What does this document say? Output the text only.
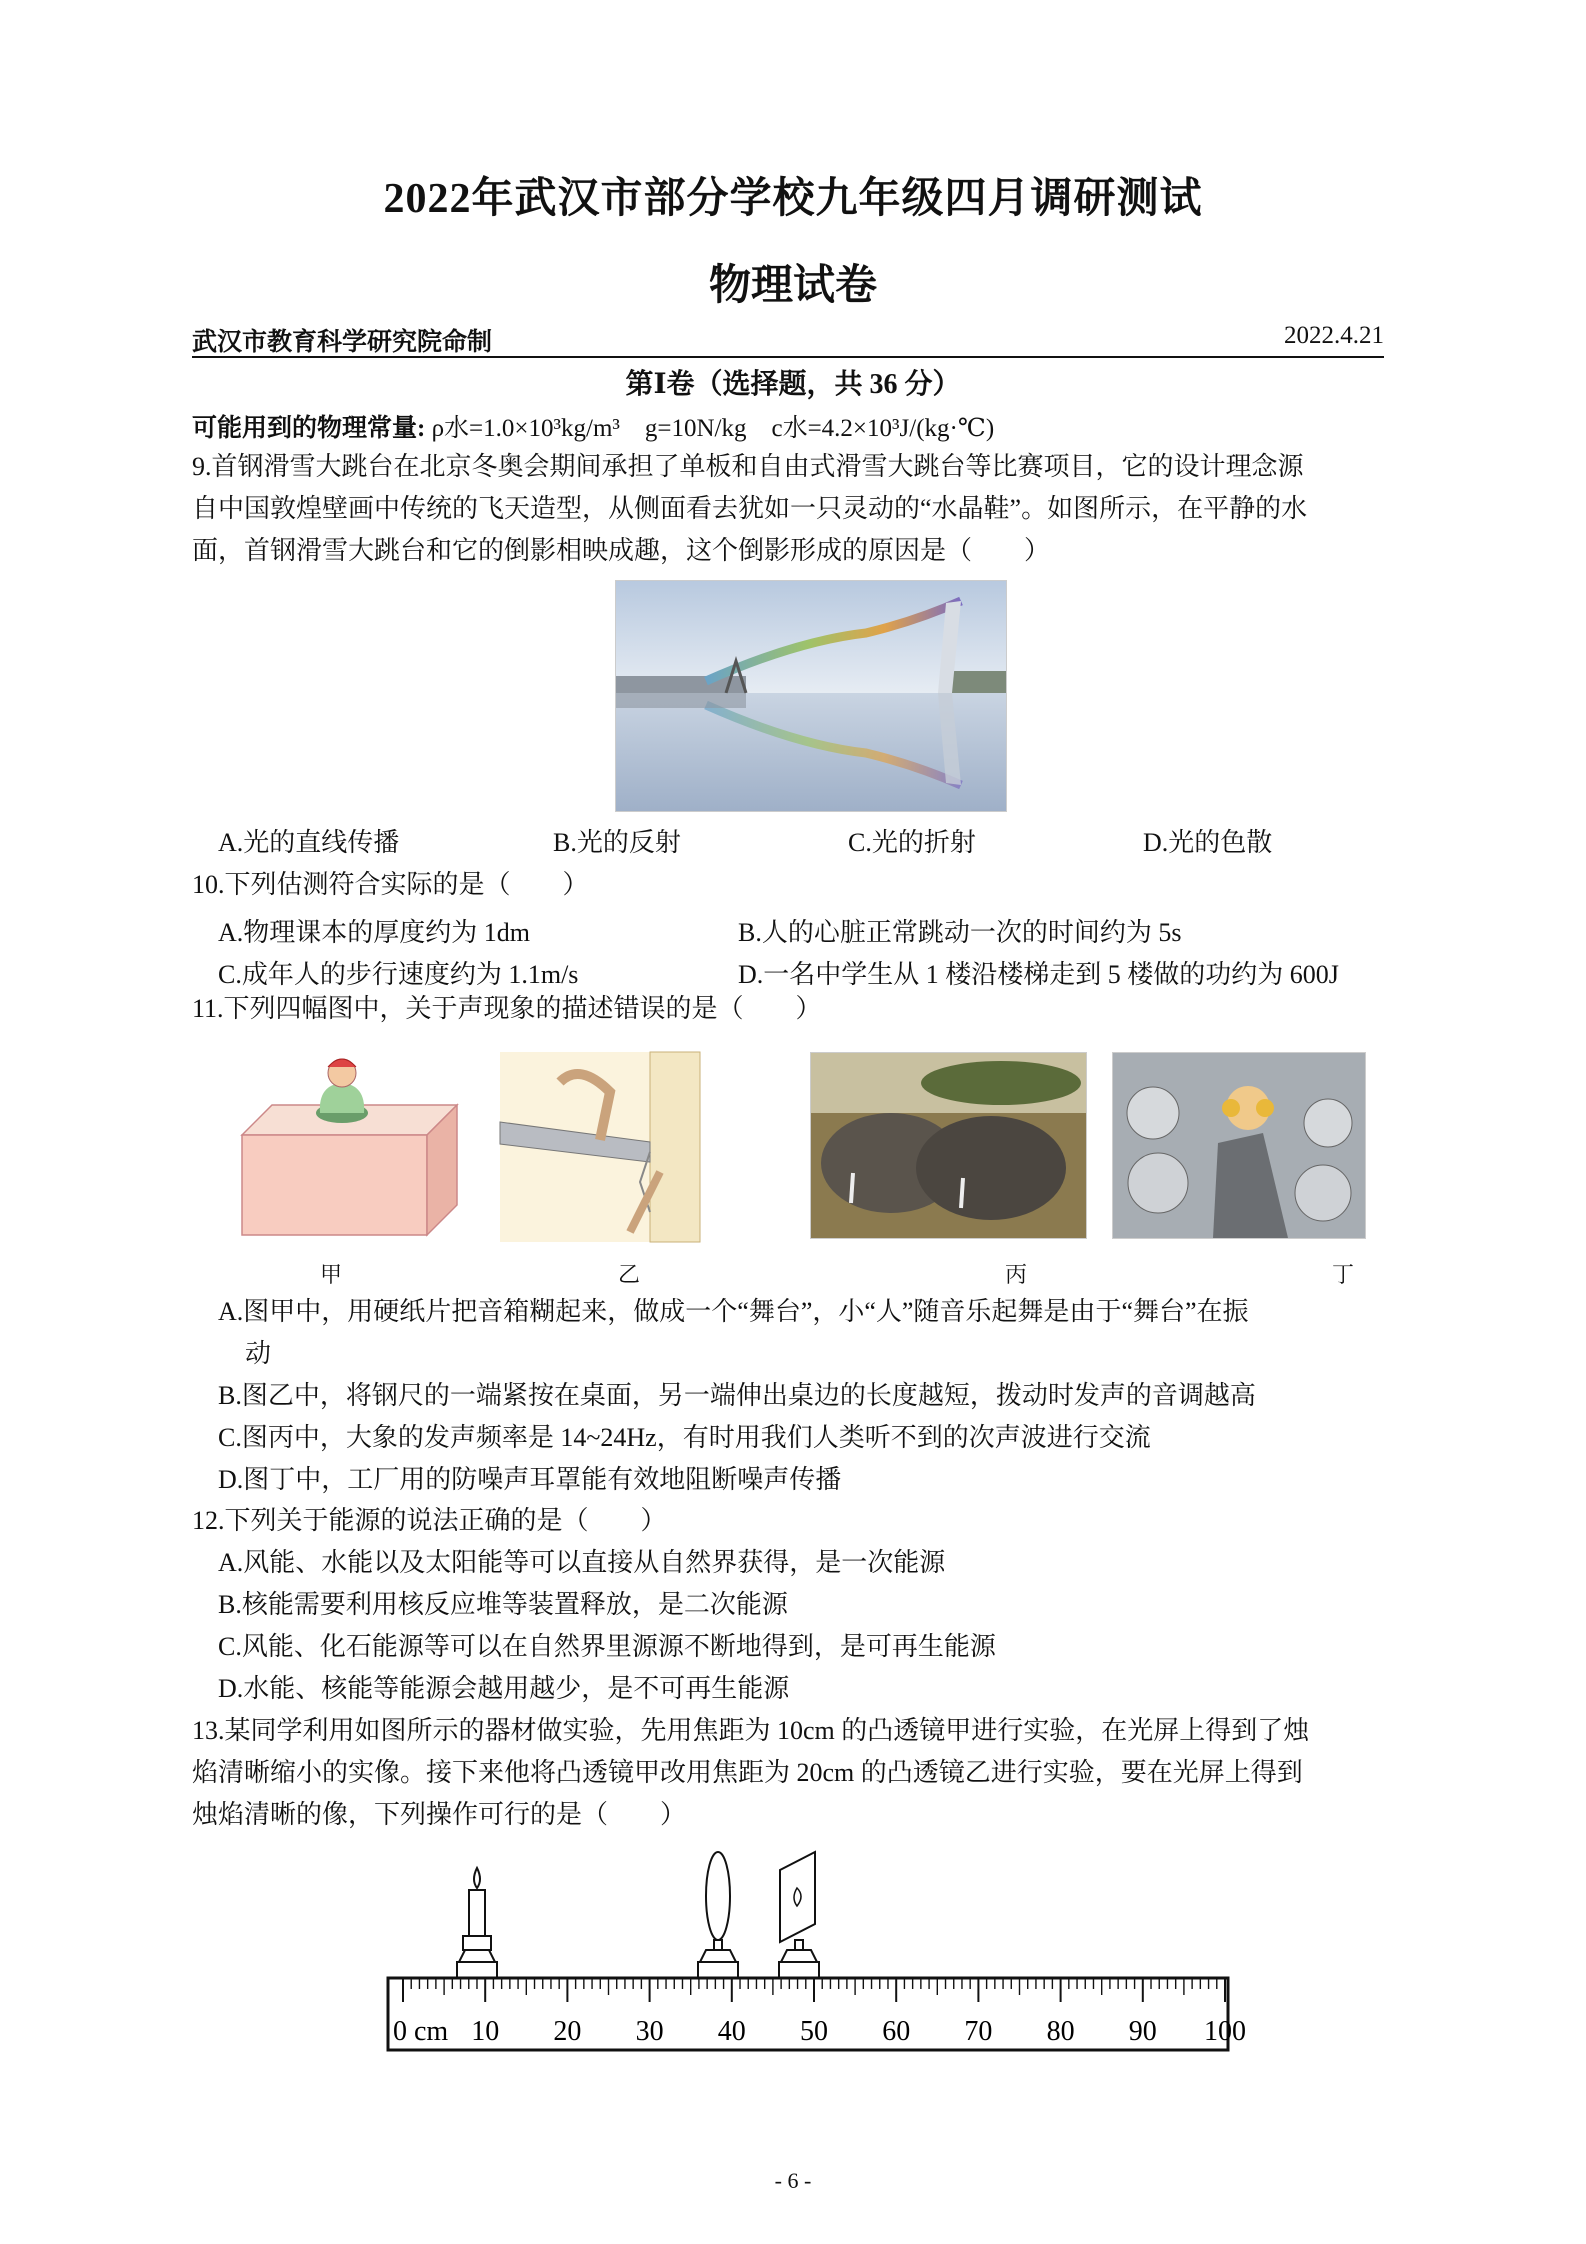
2022年武汉市部分学校九年级四月调研测试
物理试卷
武汉市教育科学研究院命制	2022.4.21
第Ⅰ卷（选择题，共 36 分）
可能用到的物理常量: ρ水=1.0×10³kg/m³　g=10N/kg　c水=4.2×10³J/(kg·℃)
9.首钢滑雪大跳台在北京冬奥会期间承担了单板和自由式滑雪大跳台等比赛项目，它的设计理念源
自中国敦煌壁画中传统的飞天造型，从侧面看去犹如一只灵动的“水晶鞋”。如图所示，在平静的水
面，首钢滑雪大跳台和它的倒影相映成趣，这个倒影形成的原因是（　　）
A.光的直线传播	B.光的反射	C.光的折射	D.光的色散
10.下列估测符合实际的是（　　）
A.物理课本的厚度约为 1dm	B.人的心脏正常跳动一次的时间约为 5s
C.成年人的步行速度约为 1.1m/s	D.一名中学生从 1 楼沿楼梯走到 5 楼做的功约为 600J
11.下列四幅图中，关于声现象的描述错误的是（　　）
甲	乙	丙	丁
A.图甲中，用硬纸片把音箱糊起来，做成一个“舞台”，小“人”随音乐起舞是由于“舞台”在振
动
B.图乙中，将钢尺的一端紧按在桌面，另一端伸出桌边的长度越短，拨动时发声的音调越高
C.图丙中，大象的发声频率是 14~24Hz，有时用我们人类听不到的次声波进行交流
D.图丁中，工厂用的防噪声耳罩能有效地阻断噪声传播
12.下列关于能源的说法正确的是（　　）
A.风能、水能以及太阳能等可以直接从自然界获得，是一次能源
B.核能需要利用核反应堆等装置释放，是二次能源
C.风能、化石能源等可以在自然界里源源不断地得到，是可再生能源
D.水能、核能等能源会越用越少，是不可再生能源
13.某同学利用如图所示的器材做实验，先用焦距为 10cm 的凸透镜甲进行实验，在光屏上得到了烛
焰清晰缩小的实像。接下来他将凸透镜甲改用焦距为 20cm 的凸透镜乙进行实验，要在光屏上得到
烛焰清晰的像，下列操作可行的是（　　）
0 cm 10 20 30 40 50 60 70 80 90 100
- 6 -
